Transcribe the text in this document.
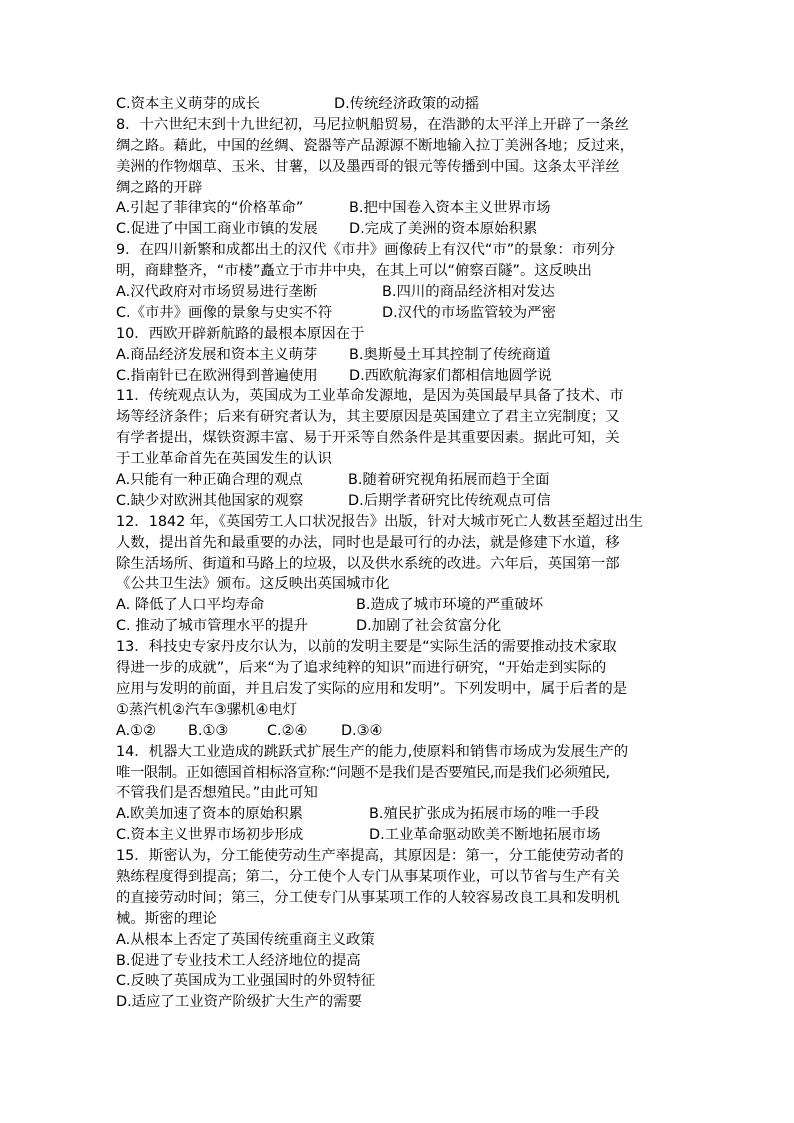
C.资本主义萌芽的成长	D.传统经济政策的动摇
8．十六世纪末到十九世纪初，马尼拉帆船贸易，在浩渺的太平洋上开辟了一条丝
绸之路。藉此，中国的丝绸、瓷器等产品源源不断地输入拉丁美洲各地；反过来，
美洲的作物烟草、玉米、甘薯，以及墨西哥的银元等传播到中国。这条太平洋丝
绸之路的开辟
A.引起了菲律宾的“价格革命”	B.把中国卷入资本主义世界市场
C.促进了中国工商业市镇的发展 D.完成了美洲的资本原始积累
9．在四川新繁和成都出土的汉代《市井》画像砖上有汉代“市”的景象：市列分
明，商肆整齐，“市楼”矗立于市井中央，在其上可以“俯察百隧”。这反映出
A.汉代政府对市场贸易进行垄断	B.四川的商品经济相对发达
C.《市井》画像的景象与史实不符	D.汉代的市场监管较为严密
10．西欧开辟新航路的最根本原因在于
A.商品经济发展和资本主义萌芽 B.奥斯曼土耳其控制了传统商道
C.指南针已在欧洲得到普遍使用 D.西欧航海家们都相信地圆学说
11．传统观点认为，英国成为工业革命发源地，是因为英国最早具备了技术、市
场等经济条件；后来有研究者认为，其主要原因是英国建立了君主立宪制度；又
有学者提出，煤铁资源丰富、易于开采等自然条件是其重要因素。据此可知，关
于工业革命首先在英国发生的认识
A.只能有一种正确合理的观点	B.随着研究视角拓展而趋于全面
C.缺少对欧洲其他国家的观察	D.后期学者研究比传统观点可信
12．1842 年，《英国劳工人口状况报告》出版，针对大城市死亡人数甚至超过出生
人数，提出首先和最重要的办法，同时也是最可行的办法，就是修建下水道，移
除生活场所、街道和马路上的垃圾，以及供水系统的改进。六年后，英国第一部
《公共卫生法》颁布。这反映出英国城市化
A. 降低了人口平均寿命	B.造成了城市环境的严重破坏
C. 推动了城市管理水平的提升	D.加剧了社会贫富分化
13．科技史专家丹皮尔认为，以前的发明主要是“实际生活的需要推动技术家取
得进一步的成就”，后来“为了追求纯粹的知识”而进行研究，“开始走到实际的
应用与发明的前面，并且启发了实际的应用和发明”。下列发明中，属于后者的是
①蒸汽机②汽车③骡机④电灯
A.①② B.①③	C.②④ D.③④
14．机器大工业造成的跳跃式扩展生产的能力,使原料和销售市场成为发展生产的
唯一限制。正如德国首相标洛宣称:“问题不是我们是否要殖民,而是我们必须殖民,
不管我们是否想殖民。”由此可知
A.欧美加速了资本的原始积累	B.殖民扩张成为拓展市场的唯一手段
C.资本主义世界市场初步形成	D.工业革命驱动欧美不断地拓展市场
15．斯密认为，分工能使劳动生产率提高，其原因是：第一，分工能使劳动者的
熟练程度得到提高；第二，分工使个人专门从事某项作业，可以节省与生产有关
的直接劳动时间；第三，分工使专门从事某项工作的人较容易改良工具和发明机
械。斯密的理论
A.从根本上否定了英国传统重商主义政策
B.促进了专业技术工人经济地位的提高
C.反映了英国成为工业强国时的外贸特征
D.适应了工业资产阶级扩大生产的需要
